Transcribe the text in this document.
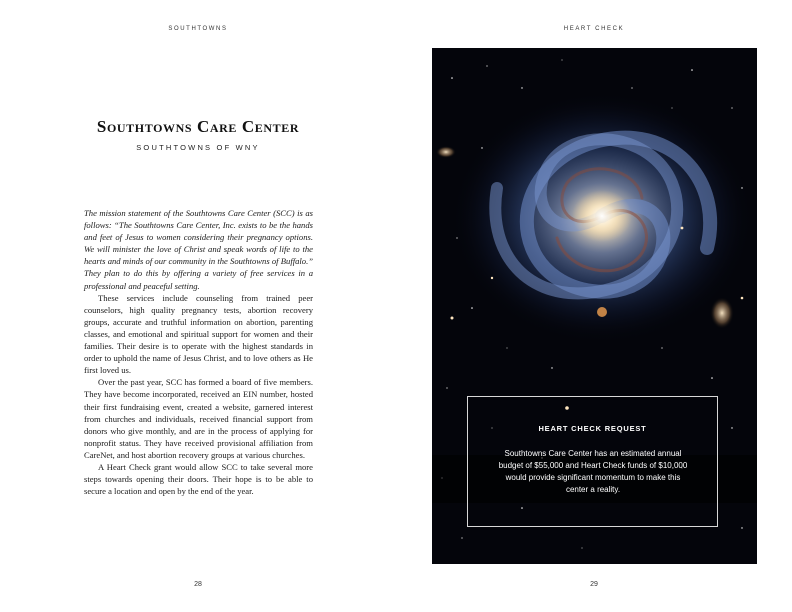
SOUTHTOWNS
Southtowns Care Center
SOUTHTOWNS OF WNY

The mission statement of the Southtowns Care Center (SCC) is as follows: “The Southtowns Care Center, Inc. exists to be the hands and feet of Jesus to women considering their pregnancy options. We will minister the love of Christ and speak words of life to the hearts and minds of our community in the Southtowns of Buffalo.” They plan to do this by offering a variety of free services in a professional and peaceful setting.

These services include counseling from trained peer counselors, high quality pregnancy tests, abortion recovery groups, accurate and truthful information on abortion, parenting classes, and emotional and spiritual support for women and their families. Their desire is to operate with the highest standards in order to uphold the name of Jesus Christ, and to love others as He first loved us.

Over the past year, SCC has formed a board of five members. They have become incorporated, received an EIN number, hosted their first fundraising event, created a website, garnered interest from churches and individuals, received financial support from donors who give monthly, and are in the process of applying for nonprofit status. They have received provisional affiliation from CareNet, and host abortion recovery groups at various churches.

A Heart Check grant would allow SCC to take several more steps towards opening their doors. Their hope is to be able to secure a location and open by the end of the year.

28
HEART CHECK
29
HEART CHECK REQUEST
Southtowns Care Center has an estimated annual budget of $55,000 and Heart Check funds of $10,000 would provide significant momentum to make this center a reality.
